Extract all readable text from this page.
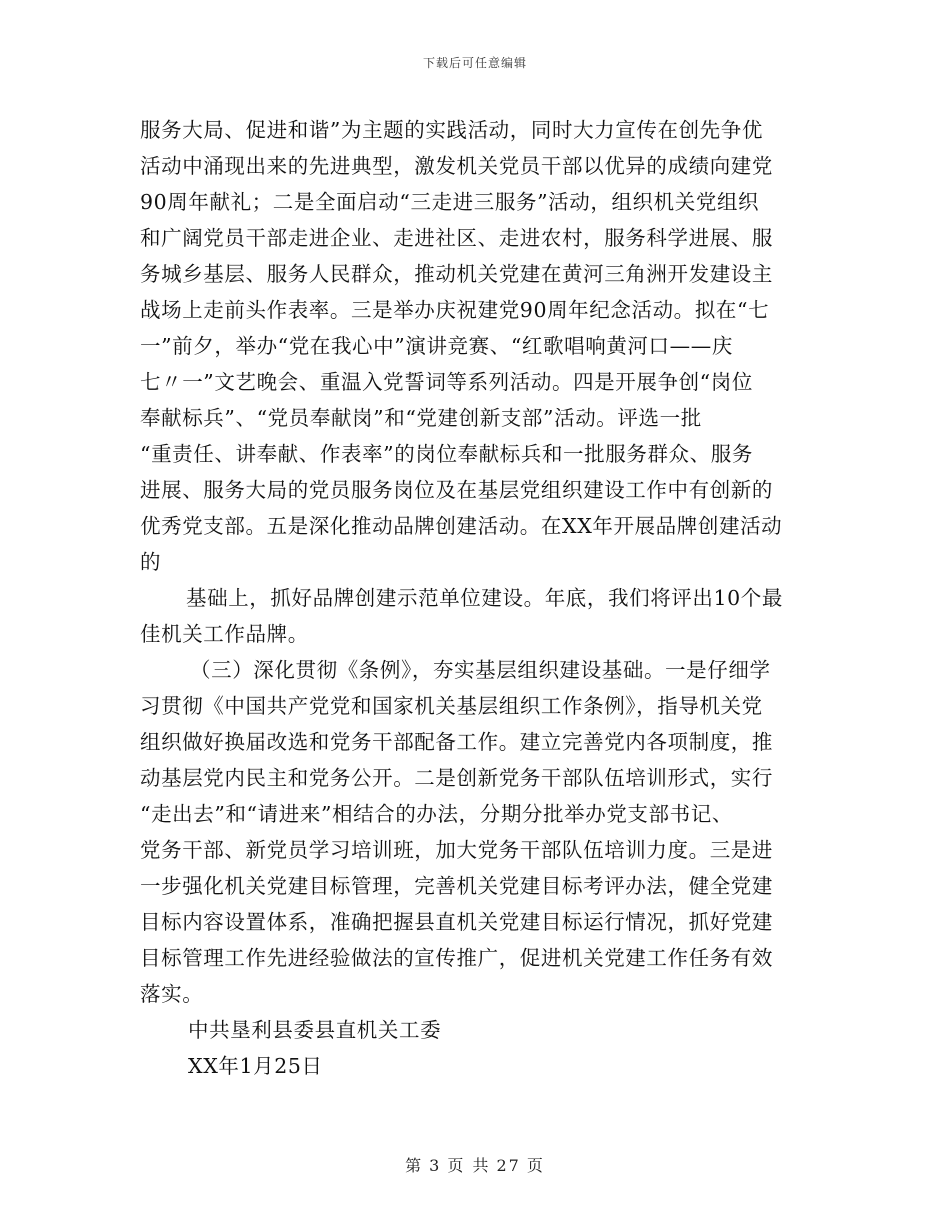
下载后可任意编辑
服务大局、促进和谐”为主题的实践活动，同时大力宣传在创先争优
活动中涌现出来的先进典型，激发机关党员干部以优异的成绩向建党
90周年献礼；二是全面启动“三走进三服务”活动，组织机关党组织
和广阔党员干部走进企业、走进社区、走进农村，服务科学进展、服
务城乡基层、服务人民群众，推动机关党建在黄河三角洲开发建设主
战场上走前头作表率。三是举办庆祝建党90周年纪念活动。拟在“七
一”前夕，举办“党在我心中”演讲竞赛、“红歌唱响黄河口——庆
七〃一”文艺晚会、重温入党誓词等系列活动。四是开展争创“岗位
奉献标兵”、“党员奉献岗”和“党建创新支部”活动。评选一批
“重责任、讲奉献、作表率”的岗位奉献标兵和一批服务群众、服务
进展、服务大局的党员服务岗位及在基层党组织建设工作中有创新的
优秀党支部。五是深化推动品牌创建活动。在XX年开展品牌创建活动
的
基础上，抓好品牌创建示范单位建设。年底，我们将评出10个最
佳机关工作品牌。
（三）深化贯彻《条例》，夯实基层组织建设基础。一是仔细学
习贯彻《中国共产党党和国家机关基层组织工作条例》，指导机关党
组织做好换届改选和党务干部配备工作。建立完善党内各项制度，推
动基层党内民主和党务公开。二是创新党务干部队伍培训形式，实行
“走出去”和“请进来”相结合的办法，分期分批举办党支部书记、
党务干部、新党员学习培训班，加大党务干部队伍培训力度。三是进
一步强化机关党建目标管理，完善机关党建目标考评办法，健全党建
目标内容设置体系，准确把握县直机关党建目标运行情况，抓好党建
目标管理工作先进经验做法的宣传推广，促进机关党建工作任务有效
落实。
中共垦利县委县直机关工委
XX年1月25日
第 3 页 共 27 页
